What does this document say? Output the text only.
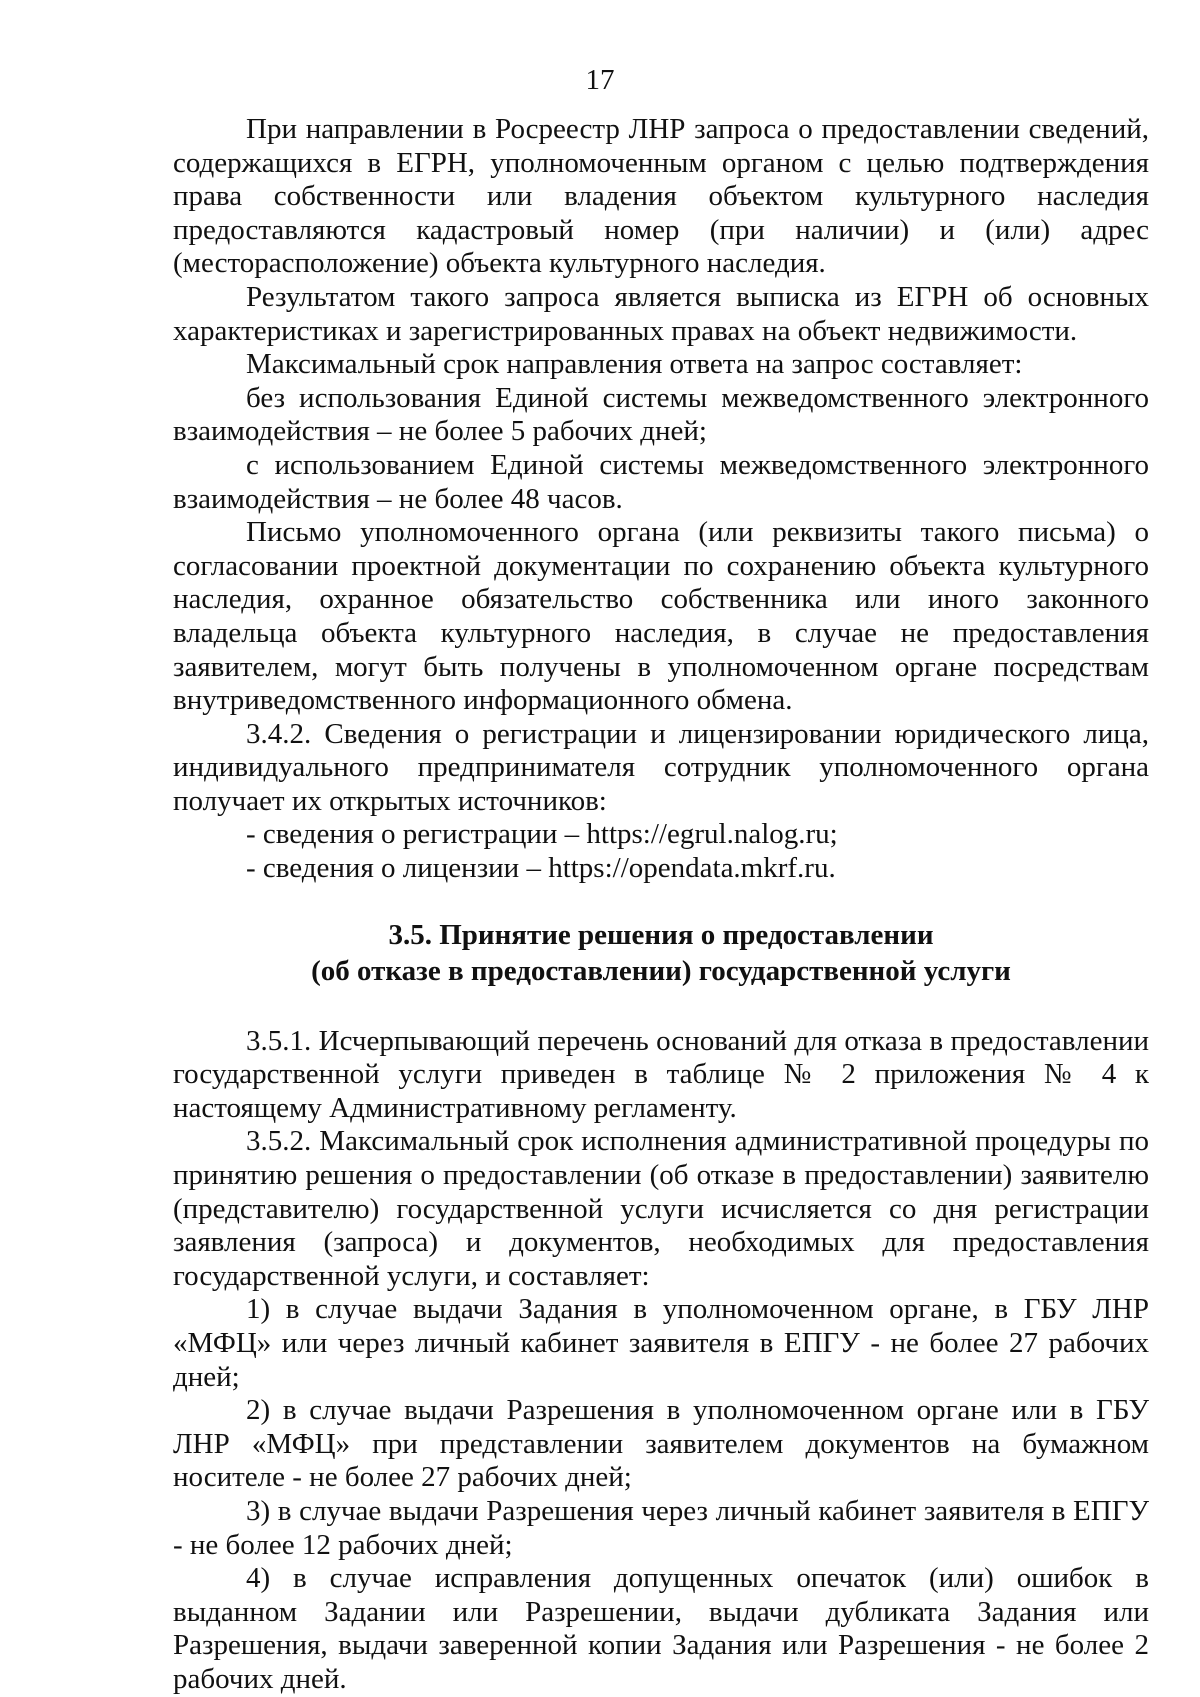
17

При направлении в Росреестр ЛНР запроса о предоставлении сведений, содержащихся в ЕГРН, уполномоченным органом с целью подтверждения права собственности или владения объектом культурного наследия предоставляются кадастровый номер (при наличии) и (или) адрес (месторасположение) объекта культурного наследия.

Результатом такого запроса является выписка из ЕГРН об основных характеристиках и зарегистрированных правах на объект недвижимости.

Максимальный срок направления ответа на запрос составляет:

без использования Единой системы межведомственного электронного взаимодействия – не более 5 рабочих дней;

с использованием Единой системы межведомственного электронного взаимодействия – не более 48 часов.

Письмо уполномоченного органа (или реквизиты такого письма) о согласовании проектной документации по сохранению объекта культурного наследия, охранное обязательство собственника или иного законного владельца объекта культурного наследия, в случае не предоставления заявителем, могут быть получены в уполномоченном органе посредствам внутриведомственного информационного обмена.

3.4.2. Сведения о регистрации и лицензировании юридического лица, индивидуального предпринимателя сотрудник уполномоченного органа получает их открытых источников:

- сведения о регистрации – https://egrul.nalog.ru;

- сведения о лицензии – https://opendata.mkrf.ru.

3.5. Принятие решения о предоставлении
(об отказе в предоставлении) государственной услуги

3.5.1. Исчерпывающий перечень оснований для отказа в предоставлении государственной услуги приведен в таблице № 2 приложения № 4 к настоящему Административному регламенту.

3.5.2. Максимальный срок исполнения административной процедуры по принятию решения о предоставлении (об отказе в предоставлении) заявителю (представителю) государственной услуги исчисляется со дня регистрации заявления (запроса) и документов, необходимых для предоставления государственной услуги, и составляет:

1) в случае выдачи Задания в уполномоченном органе, в ГБУ ЛНР «МФЦ» или через личный кабинет заявителя в ЕПГУ - не более 27 рабочих дней;

2) в случае выдачи Разрешения в уполномоченном органе или в ГБУ ЛНР «МФЦ» при представлении заявителем документов на бумажном носителе - не более 27 рабочих дней;

3) в случае выдачи Разрешения через личный кабинет заявителя в ЕПГУ - не более 12 рабочих дней;

4) в случае исправления допущенных опечаток (или) ошибок в выданном Задании или Разрешении, выдачи дубликата Задания или Разрешения, выдачи заверенной копии Задания или Разрешения - не более 2 рабочих дней.
